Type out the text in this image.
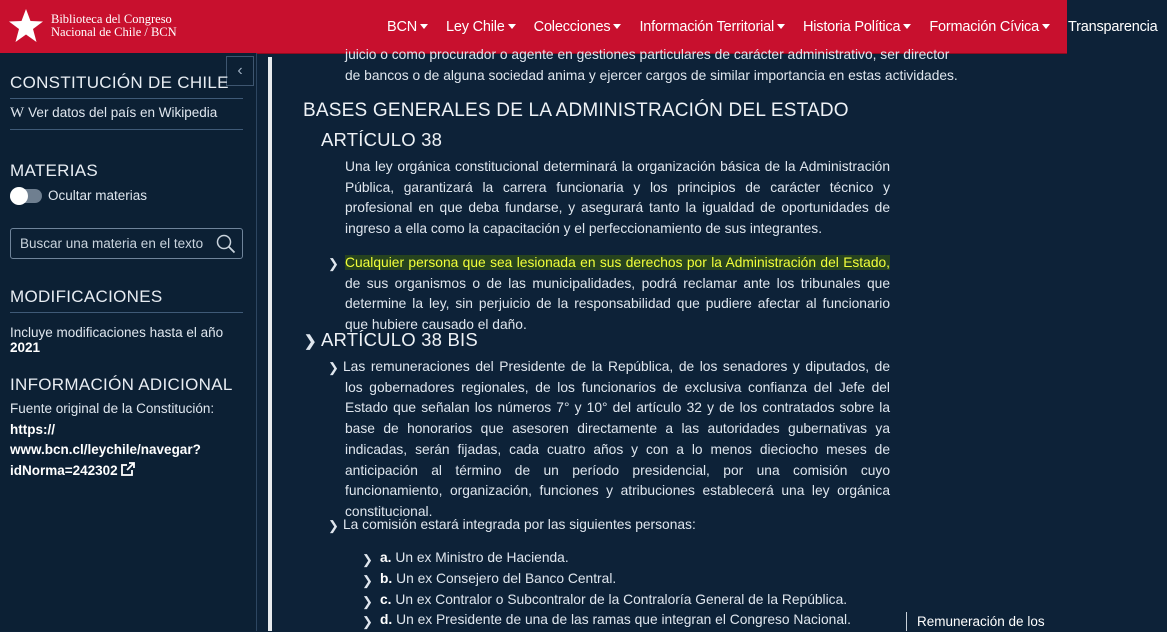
Biblioteca del Congreso
Nacional de Chile / BCN	BCN Ley Chile Colecciones Información Territorial Historia Política Formación Cívica Transparencia
‹
CONSTITUCIÓN DE CHILE
W Ver datos del país en Wikipedia
MATERIAS
Ocultar materias
Buscar una materia en el texto
MODIFICACIONES
Incluye modificaciones hasta el año 2021
INFORMACIÓN ADICIONAL
Fuente original de la Constitución: https://
www.bcn.cl/leychile/navegar?
idNorma=242302
juicio o como procurador o agente en gestiones particulares de carácter administrativo, ser director
de bancos o de alguna sociedad anima y ejercer cargos de similar importancia en estas actividades.
BASES GENERALES DE LA ADMINISTRACIÓN DEL ESTADO
ARTÍCULO 38
Una ley orgánica constitucional determinará la organización básica de la Administración Pública, garantizará la carrera funcionaria y los principios de carácter técnico y profesional en que deba fundarse, y asegurará tanto la igualdad de oportunidades de ingreso a ella como la capacitación y el perfeccionamiento de sus integrantes.
❯ Cualquier persona que sea lesionada en sus derechos por la Administración del Estado, de sus organismos o de las municipalidades, podrá reclamar ante los tribunales que determine la ley, sin perjuicio de la responsabilidad que pudiere afectar al funcionario que hubiere causado el daño.
❯ ARTÍCULO 38 BIS
❯ Las remuneraciones del Presidente de la República, de los senadores y diputados, de los gobernadores regionales, de los funcionarios de exclusiva confianza del Jefe del Estado que señalan los números 7° y 10° del artículo 32 y de los contratados sobre la base de honorarios que asesoren directamente a las autoridades gubernativas ya indicadas, serán fijadas, cada cuatro años y con a lo menos dieciocho meses de anticipación al término de un período presidencial, por una comisión cuyo funcionamiento, organización, funciones y atribuciones establecerá una ley orgánica constitucional.
❯ La comisión estará integrada por las siguientes personas:
❯ a. Un ex Ministro de Hacienda.
❯ b. Un ex Consejero del Banco Central.
❯ c. Un ex Contralor o Subcontralor de la Contraloría General de la República.
❯ d. Un ex Presidente de una de las ramas que integran el Congreso Nacional.	Remuneración de los
